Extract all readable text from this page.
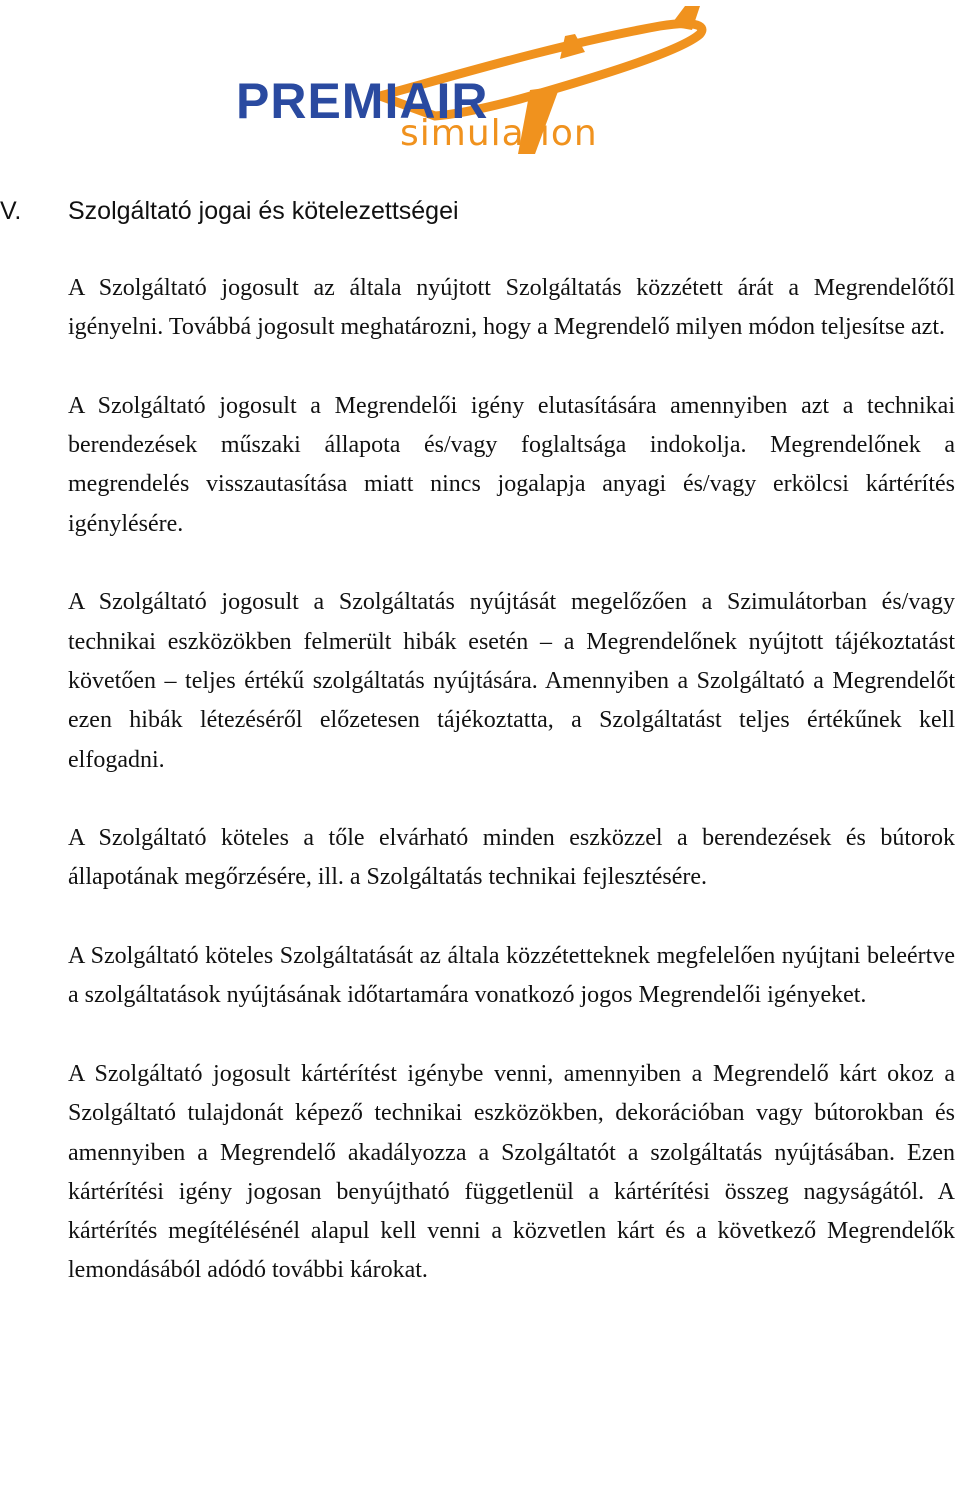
PREMIAIR
simulation
V. Szolgáltató jogai és kötelezettségei

A Szolgáltató jogosult az általa nyújtott Szolgáltatás közzétett árát a Megrendelőtől igényelni. Továbbá jogosult meghatározni, hogy a Megrendelő milyen módon teljesítse azt.

A Szolgáltató jogosult a Megrendelői igény elutasítására amennyiben azt a technikai berendezések műszaki állapota és/vagy foglaltsága indokolja. Megrendelőnek a megrendelés visszautasítása miatt nincs jogalapja anyagi és/vagy erkölcsi kártérítés igénylésére.

A Szolgáltató jogosult a Szolgáltatás nyújtását megelőzően a Szimulátorban és/vagy technikai eszközökben felmerült hibák esetén – a Megrendelőnek nyújtott tájékoztatást követően – teljes értékű szolgáltatás nyújtására. Amennyiben a Szolgáltató a Megrendelőt ezen hibák létezéséről előzetesen tájékoztatta, a Szolgáltatást teljes értékűnek kell elfogadni.

A Szolgáltató köteles a tőle elvárható minden eszközzel a berendezések és bútorok állapotának megőrzésére, ill. a Szolgáltatás technikai fejlesztésére.

A Szolgáltató köteles Szolgáltatását az általa közzétetteknek megfelelően nyújtani beleértve a szolgáltatások nyújtásának időtartamára vonatkozó jogos Megrendelői igényeket.

A Szolgáltató jogosult kártérítést igénybe venni, amennyiben a Megrendelő kárt okoz a Szolgáltató tulajdonát képező technikai eszközökben, dekorációban vagy bútorokban és amennyiben a Megrendelő akadályozza a Szolgáltatót a szolgáltatás nyújtásában. Ezen kártérítési igény jogosan benyújtható függetlenül a kártérítési összeg nagyságától. A kártérítés megítélésénél alapul kell venni a közvetlen kárt és a következő Megrendelők lemondásából adódó további károkat.
